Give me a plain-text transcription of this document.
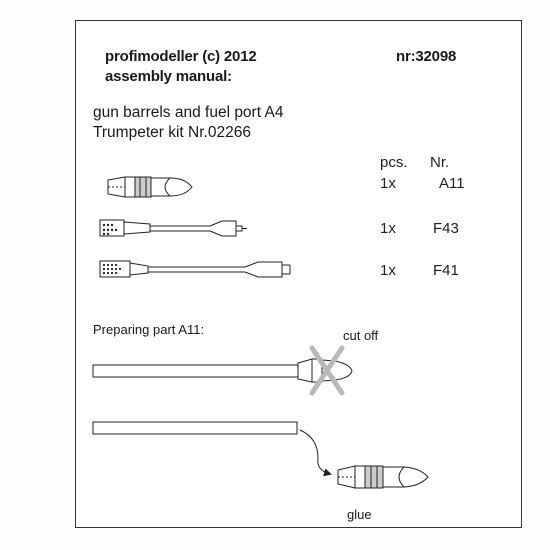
profimodeller (c) 2012
assembly manual:
nr:32098
gun barrels and fuel port A4
Trumpeter kit Nr.02266
pcs. Nr.
1x	A11
1x F43
1x F41
Preparing part A11:	cut off
glue
